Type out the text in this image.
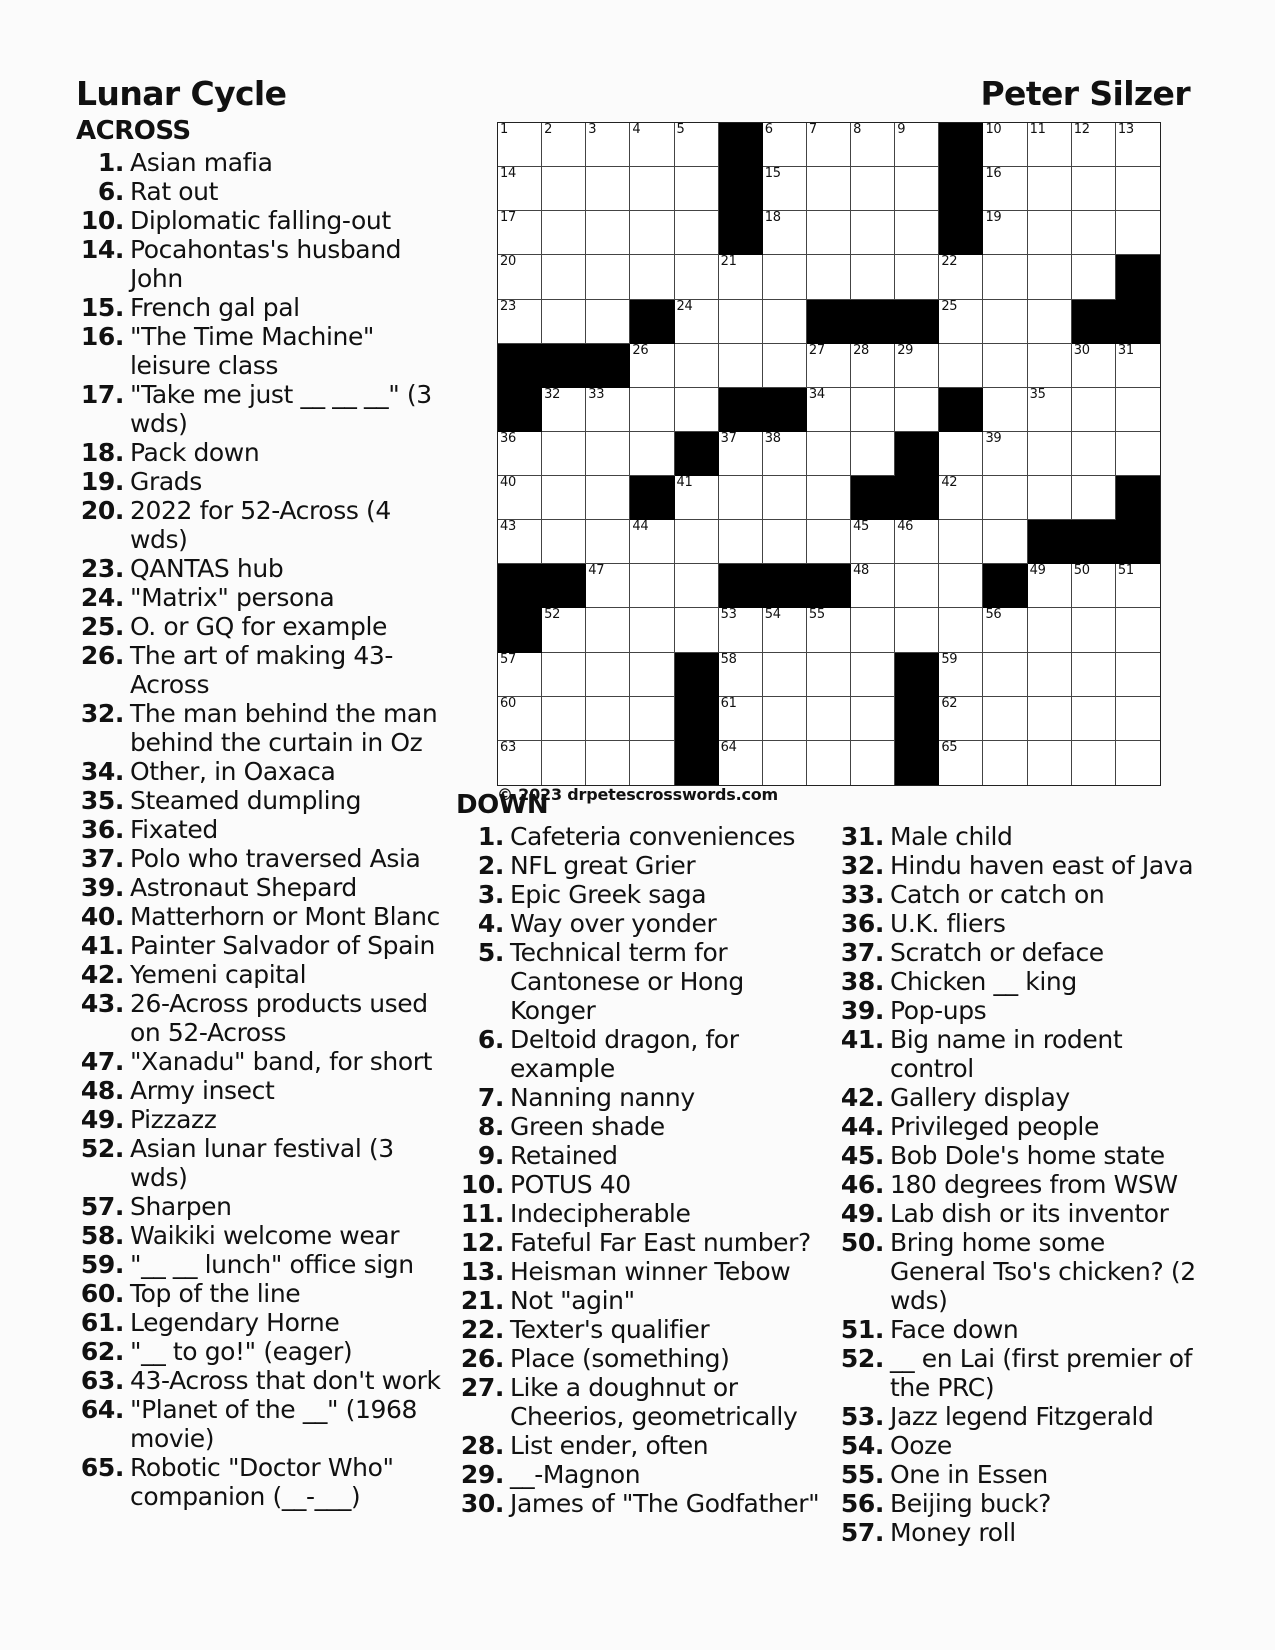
Lunar Cycle	Peter Silzer
ACROSS
1. Asian mafia
6. Rat out
10. Diplomatic falling-out
14. Pocahontas's husband John
15. French gal pal
16. "The Time Machine" leisure class
17. "Take me just __ __ __" (3 wds)
18. Pack down
19. Grads
20. 2022 for 52-Across (4 wds)
23. QANTAS hub
24. "Matrix" persona
25. O. or GQ for example
26. The art of making 43-Across
32. The man behind the man behind the curtain in Oz
34. Other, in Oaxaca
35. Steamed dumpling
36. Fixated
37. Polo who traversed Asia
39. Astronaut Shepard
40. Matterhorn or Mont Blanc
41. Painter Salvador of Spain
42. Yemeni capital
43. 26-Across products used on 52-Across
47. "Xanadu" band, for short
48. Army insect
49. Pizzazz
52. Asian lunar festival (3 wds)
57. Sharpen
58. Waikiki welcome wear
59. "__ __ lunch" office sign
60. Top of the line
61. Legendary Horne
62. "__ to go!" (eager)
63. 43-Across that don't work
64. "Planet of the __" (1968 movie)
65. Robotic "Doctor Who" companion (__-___)
1	2	3	4	5	6	7	8	9	10 11 12 13
14	15	16
17	18	19
20	21	22
23	24	25
26	27 28 29	30 31
32 33	34	35
36	37 38	39
40	41	42
43	44	45 46
47	48	49 50 51
52	53 54 55	56
57	58	59
60	61	62
63	64	65
© 2023 drpetescrosswords.com
DOWN
1. Cafeteria conveniences
2. NFL great Grier
3. Epic Greek saga
4. Way over yonder
5. Technical term for Cantonese or Hong Konger
6. Deltoid dragon, for example
7. Nanning nanny
8. Green shade
9. Retained
10. POTUS 40
11. Indecipherable
12. Fateful Far East number?
13. Heisman winner Tebow
21. Not "agin"
22. Texter's qualifier
26. Place (something)
27. Like a doughnut or Cheerios, geometrically
28. List ender, often
29. __-Magnon
30. James of "The Godfather"
31. Male child
32. Hindu haven east of Java
33. Catch or catch on
36. U.K. fliers
37. Scratch or deface
38. Chicken __ king
39. Pop-ups
41. Big name in rodent control
42. Gallery display
44. Privileged people
45. Bob Dole's home state
46. 180 degrees from WSW
49. Lab dish or its inventor
50. Bring home some General Tso's chicken? (2 wds)
51. Face down
52. __ en Lai (first premier of the PRC)
53. Jazz legend Fitzgerald
54. Ooze
55. One in Essen
56. Beijing buck?
57. Money roll
